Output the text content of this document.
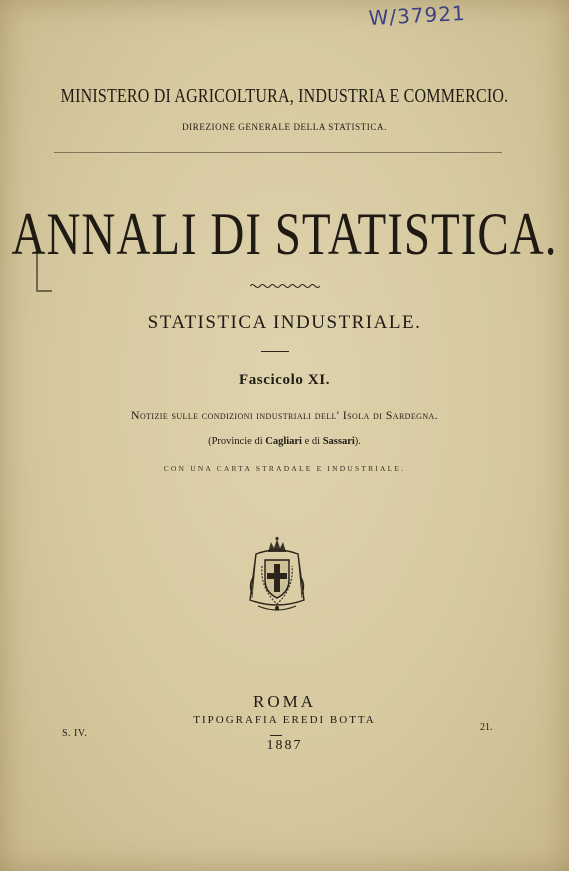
W/37921
MINISTERO DI AGRICOLTURA, INDUSTRIA E COMMERCIO.
DIREZIONE GENERALE DELLA STATISTICA.
ANNALI DI STATISTICA.
STATISTICA INDUSTRIALE.
Fascicolo XI.
Notizie sulle condizioni industriali dell' Isola di Sardegna.
(Provincie di Cagliari e di Sassari).
CON UNA CARTA STRADALE E INDUSTRIALE.
ROMA
TIPOGRAFIA EREDI BOTTA
1887
S. IV.
21.
